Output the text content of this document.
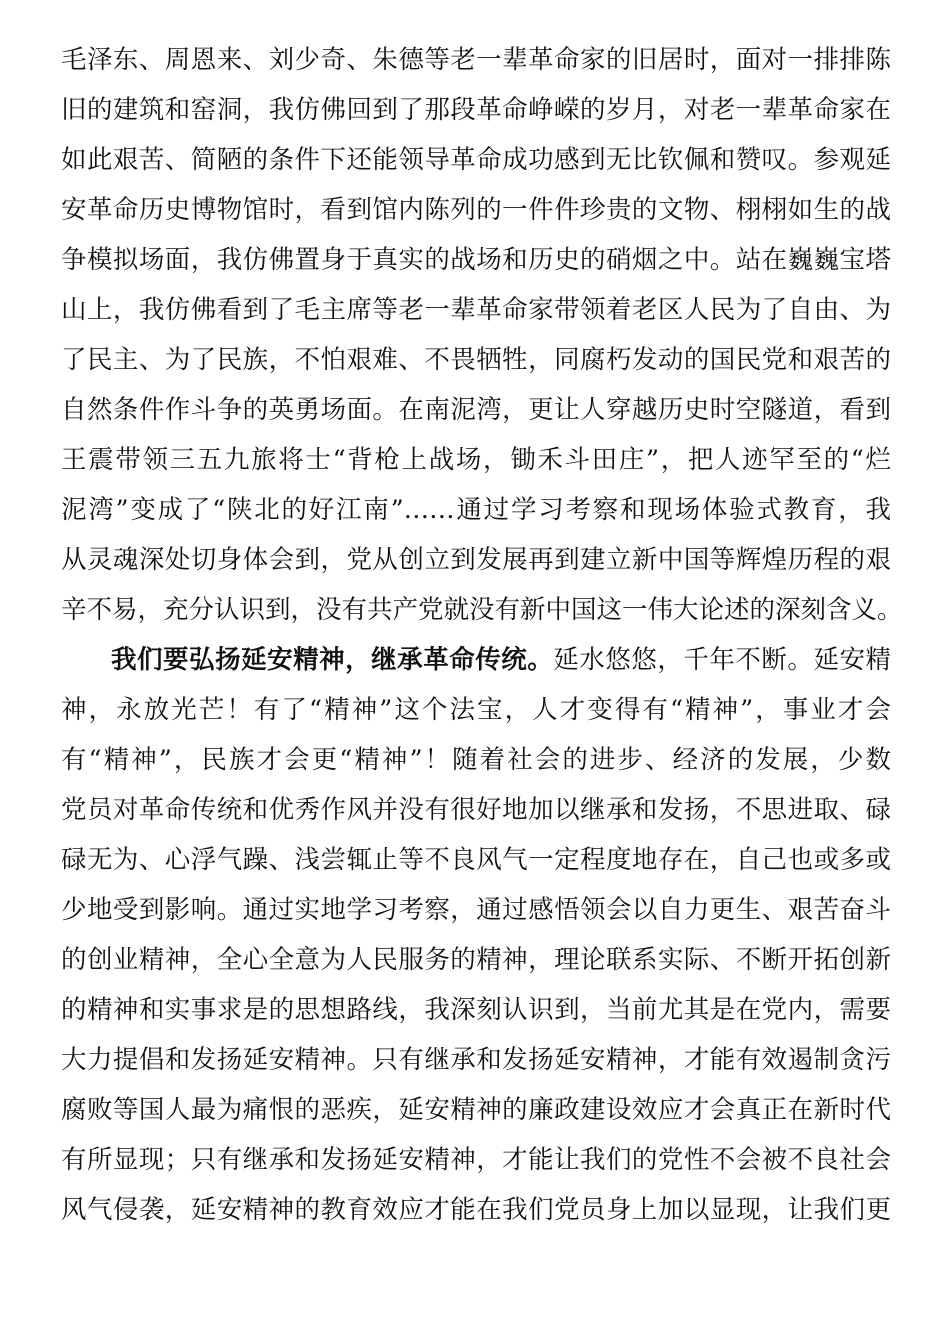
毛泽东、周恩来、刘少奇、朱德等老一辈革命家的旧居时，面对一排排陈
旧的建筑和窑洞，我仿佛回到了那段革命峥嵘的岁月，对老一辈革命家在
如此艰苦、简陋的条件下还能领导革命成功感到无比钦佩和赞叹。参观延
安革命历史博物馆时，看到馆内陈列的一件件珍贵的文物、栩栩如生的战
争模拟场面，我仿佛置身于真实的战场和历史的硝烟之中。站在巍巍宝塔
山上，我仿佛看到了毛主席等老一辈革命家带领着老区人民为了自由、为
了民主、为了民族，不怕艰难、不畏牺牲，同腐朽发动的国民党和艰苦的
自然条件作斗争的英勇场面。在南泥湾，更让人穿越历史时空隧道，看到
王震带领三五九旅将士“背枪上战场，锄禾斗田庄”，把人迹罕至的“烂
泥湾”变成了“陕北的好江南”……通过学习考察和现场体验式教育，我
从灵魂深处切身体会到，党从创立到发展再到建立新中国等辉煌历程的艰
辛不易，充分认识到，没有共产党就没有新中国这一伟大论述的深刻含义。
我们要弘扬延安精神，继承革命传统。延水悠悠，千年不断。延安精
神，永放光芒！有了“精神”这个法宝，人才变得有“精神”，事业才会
有“精神”，民族才会更“精神”！随着社会的进步、经济的发展，少数
党员对革命传统和优秀作风并没有很好地加以继承和发扬，不思进取、碌
碌无为、心浮气躁、浅尝辄止等不良风气一定程度地存在，自己也或多或
少地受到影响。通过实地学习考察，通过感悟领会以自力更生、艰苦奋斗
的创业精神，全心全意为人民服务的精神，理论联系实际、不断开拓创新
的精神和实事求是的思想路线，我深刻认识到，当前尤其是在党内，需要
大力提倡和发扬延安精神。只有继承和发扬延安精神，才能有效遏制贪污
腐败等国人最为痛恨的恶疾，延安精神的廉政建设效应才会真正在新时代
有所显现；只有继承和发扬延安精神，才能让我们的党性不会被不良社会
风气侵袭，延安精神的教育效应才能在我们党员身上加以显现，让我们更
